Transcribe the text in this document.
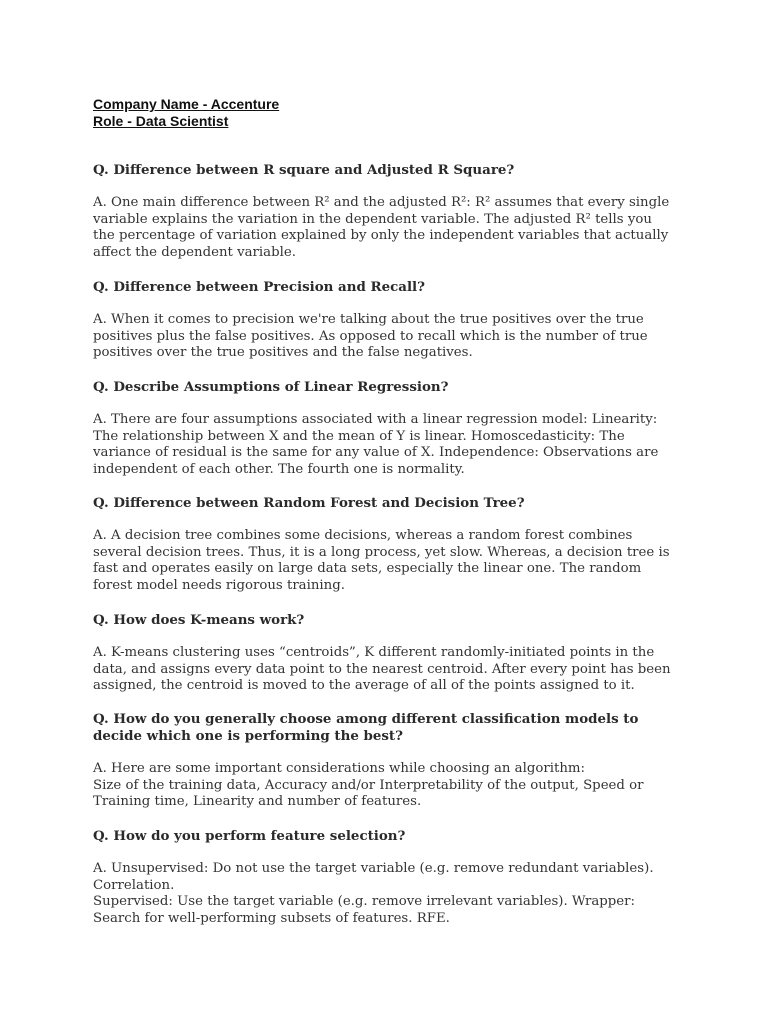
Company Name - Accenture
Role - Data Scientist

Q. Difference between R square and Adjusted R Square?

A. One main difference between R² and the adjusted R²: R² assumes that every single
variable explains the variation in the dependent variable. The adjusted R² tells you
the percentage of variation explained by only the independent variables that actually
affect the dependent variable.

Q. Difference between Precision and Recall?

A. When it comes to precision we're talking about the true positives over the true
positives plus the false positives. As opposed to recall which is the number of true
positives over the true positives and the false negatives.

Q. Describe Assumptions of Linear Regression?

A. There are four assumptions associated with a linear regression model: Linearity:
The relationship between X and the mean of Y is linear. Homoscedasticity: The
variance of residual is the same for any value of X. Independence: Observations are
independent of each other. The fourth one is normality.

Q. Difference between Random Forest and Decision Tree?

A. A decision tree combines some decisions, whereas a random forest combines
several decision trees. Thus, it is a long process, yet slow. Whereas, a decision tree is
fast and operates easily on large data sets, especially the linear one. The random
forest model needs rigorous training.

Q. How does K-means work?

A. K-means clustering uses “centroids”, K different randomly-initiated points in the
data, and assigns every data point to the nearest centroid. After every point has been
assigned, the centroid is moved to the average of all of the points assigned to it.

Q. How do you generally choose among different classification models to
decide which one is performing the best?

A. Here are some important considerations while choosing an algorithm:
Size of the training data, Accuracy and/or Interpretability of the output, Speed or
Training time, Linearity and number of features.

Q. How do you perform feature selection?

A. Unsupervised: Do not use the target variable (e.g. remove redundant variables).
Correlation.
Supervised: Use the target variable (e.g. remove irrelevant variables). Wrapper:
Search for well-performing subsets of features. RFE.
